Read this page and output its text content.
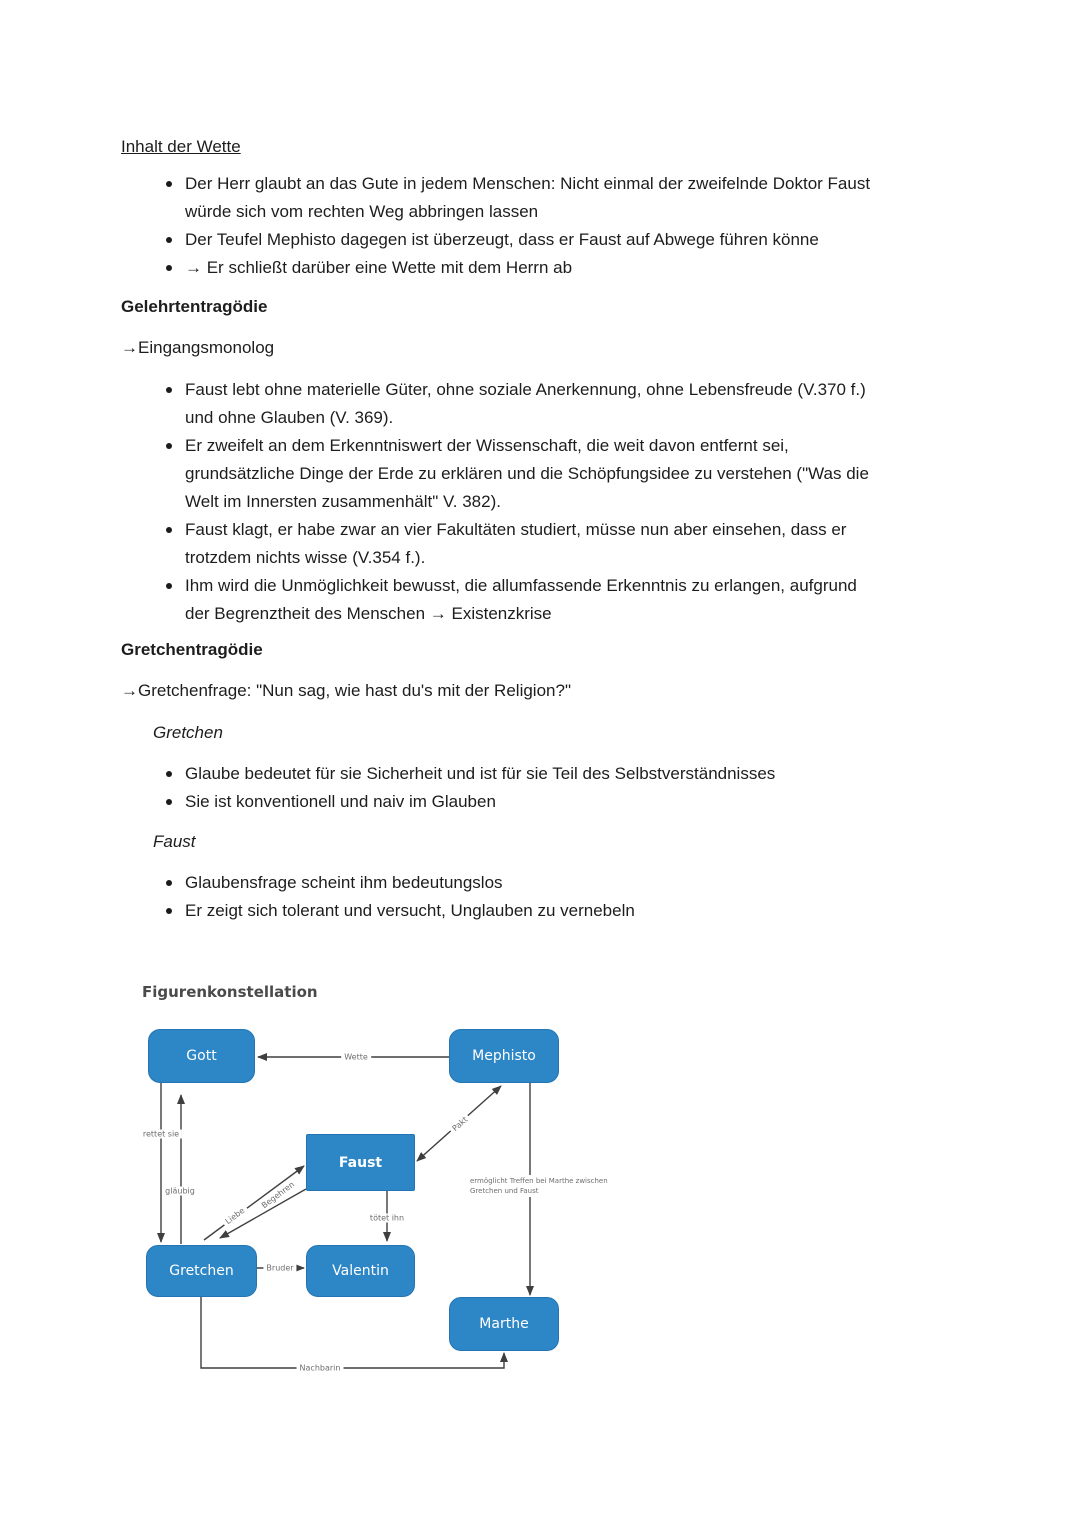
Inhalt der Wette
Der Herr glaubt an das Gute in jedem Menschen: Nicht einmal der zweifelnde Doktor Faust würde sich vom rechten Weg abbringen lassen
Der Teufel Mephisto dagegen ist überzeugt, dass er Faust auf Abwege führen könne
→ Er schließt darüber eine Wette mit dem Herrn ab
Gelehrtentragödie
→Eingangsmonolog
Faust lebt ohne materielle Güter, ohne soziale Anerkennung, ohne Lebensfreude (V.370 f.) und ohne Glauben (V. 369).
Er zweifelt an dem Erkenntniswert der Wissenschaft, die weit davon entfernt sei, grundsätzliche Dinge der Erde zu erklären und die Schöpfungsidee zu verstehen ("Was die Welt im Innersten zusammenhält" V. 382).
Faust klagt, er habe zwar an vier Fakultäten studiert, müsse nun aber einsehen, dass er trotzdem nichts wisse (V.354 f.).
Ihm wird die Unmöglichkeit bewusst, die allumfassende Erkenntnis zu erlangen, aufgrund der Begrenztheit des Menschen → Existenzkrise
Gretchentragödie
→Gretchenfrage: "Nun sag, wie hast du's mit der Religion?"
Gretchen
Glaube bedeutet für sie Sicherheit und ist für sie Teil des Selbstverständnisses
Sie ist konventionell und naiv im Glauben
Faust
Glaubensfrage scheint ihm bedeutungslos
Er zeigt sich tolerant und versucht, Unglauben zu vernebeln
Figurenkonstellation
Gott	Mephisto
Faust
Gretchen	Valentin
Marthe
Wette
rettet sie
gläubig
Pakt
Liebe
Begehren
tötet ihn
Bruder
Nachbarin
ermöglicht Treffen bei Marthe zwischen
Gretchen und Faust
